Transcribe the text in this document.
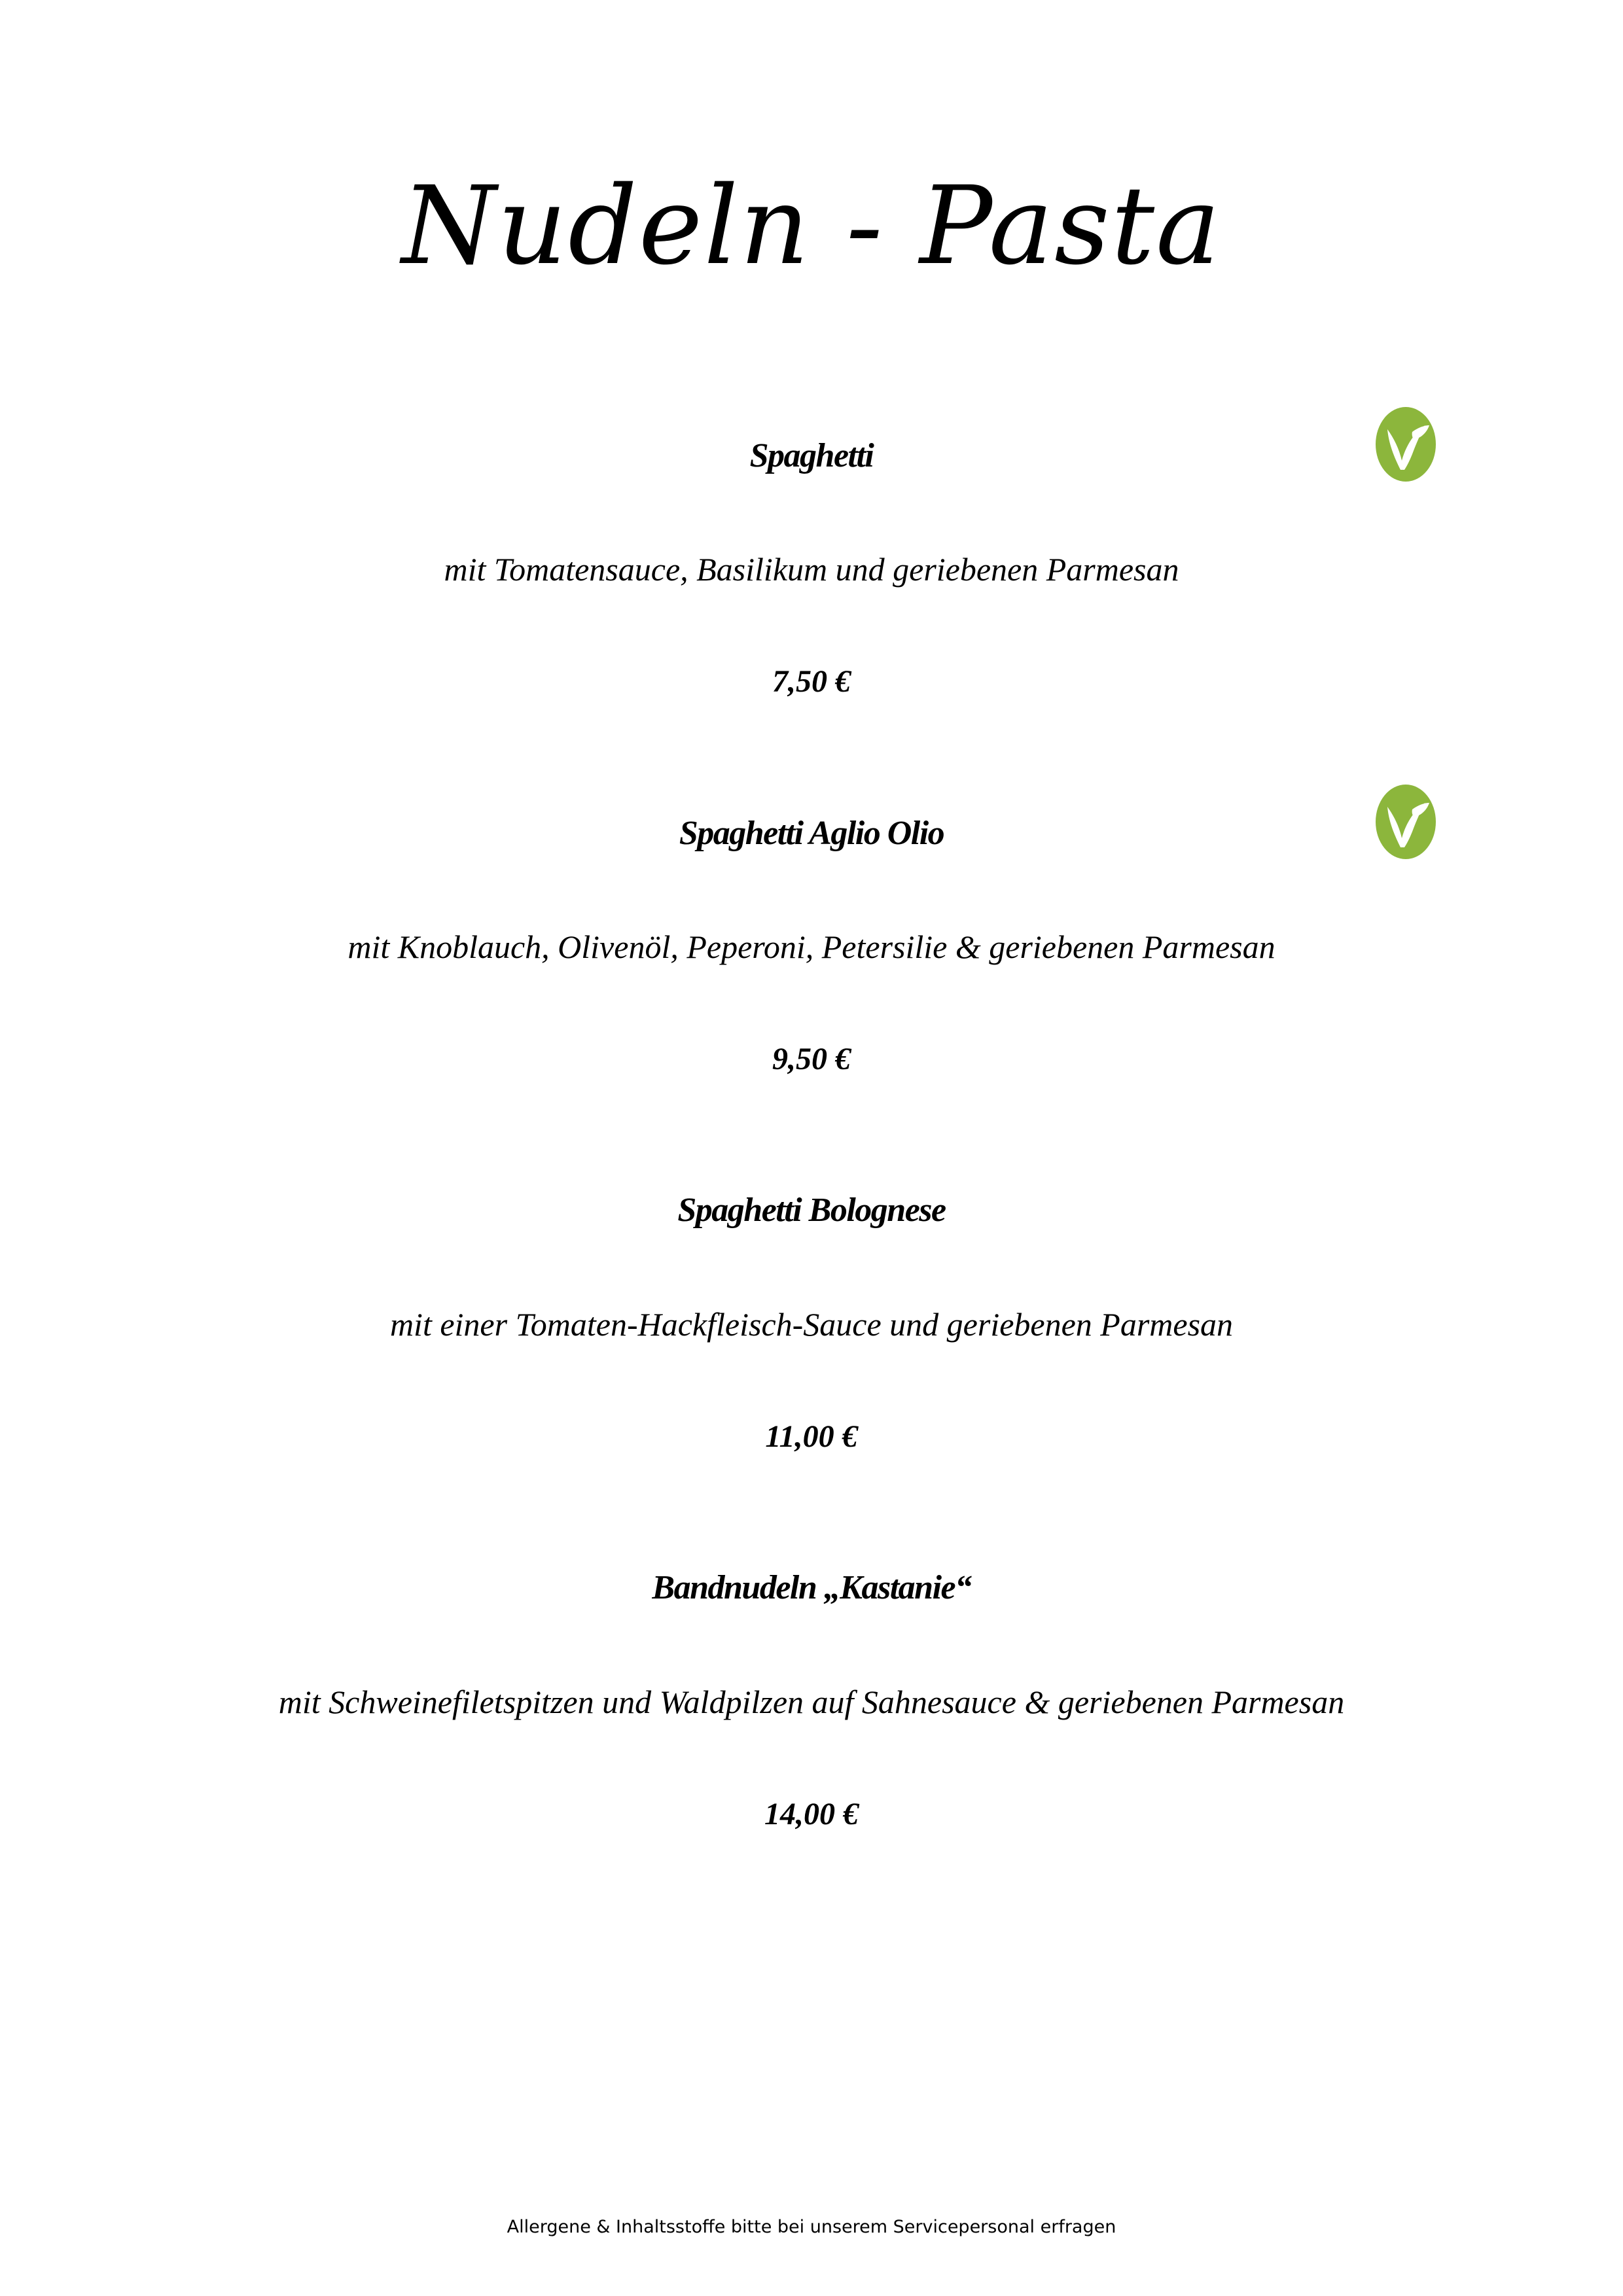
Nudeln - Pasta
Spaghetti
mit Tomatensauce, Basilikum und geriebenen Parmesan
7,50 €
Spaghetti Aglio Olio
mit Knoblauch, Olivenöl, Peperoni, Petersilie & geriebenen Parmesan
9,50 €
Spaghetti Bolognese
mit einer Tomaten-Hackfleisch-Sauce und geriebenen Parmesan
11,00 €
Bandnudeln „Kastanie“
mit Schweinefiletspitzen und Waldpilzen auf Sahnesauce & geriebenen Parmesan
14,00 €
Allergene & Inhaltsstoffe bitte bei unserem Servicepersonal erfragen
